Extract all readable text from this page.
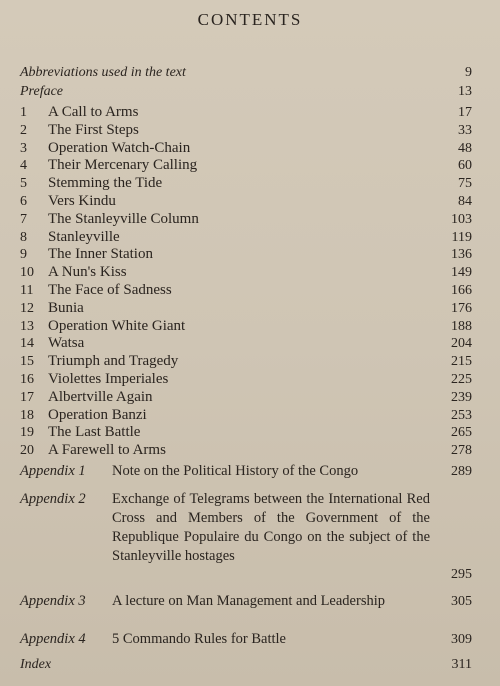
CONTENTS
Abbreviations used in the text	9
Preface	13
1	A Call to Arms	17
2	The First Steps	33
3	Operation Watch-Chain	48
4	Their Mercenary Calling	60
5	Stemming the Tide	75
6	Vers Kindu	84
7	The Stanleyville Column	103
8	Stanleyville	119
9	The Inner Station	136
10 A Nun's Kiss	149
11 The Face of Sadness	166
12 Bunia	176
13 Operation White Giant	188
14 Watsa	204
15 Triumph and Tragedy	215
16 Violettes Imperiales	225
17 Albertville Again	239
18 Operation Banzi	253
19 The Last Battle	265
20 A Farewell to Arms	278
Appendix 1 Note on the Political History of the Congo	289
Appendix 2 Exchange of Telegrams between the International Red Cross and Members of the Government of the Republique Populaire du Congo on the subject of the Stanleyville hostages
295
Appendix 3 A lecture on Man Management and Leadership	305
Appendix 4 5 Commando Rules for Battle	309
Index	311
